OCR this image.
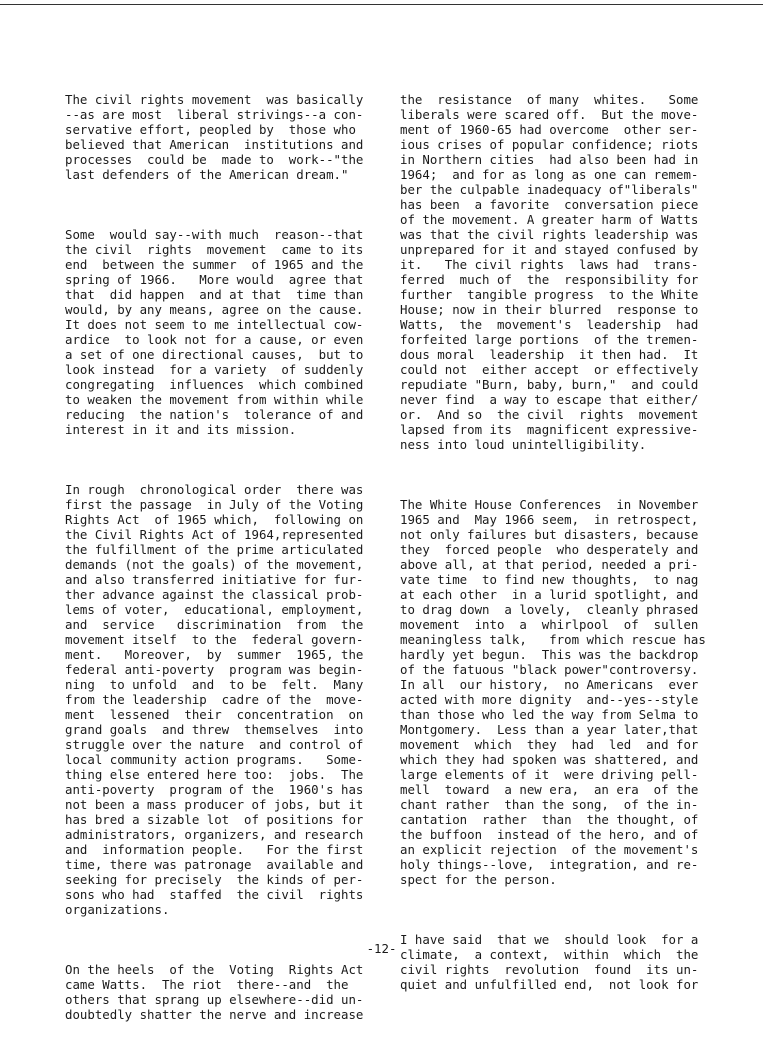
The civil rights movement  was basically
--as are most  liberal strivings--a con-
servative effort, peopled by  those who
believed that American  institutions and
processes  could be  made to  work--"the
last defenders of the American dream."

Some  would say--with much  reason--that
the civil  rights  movement  came to its
end  between the summer  of 1965 and the
spring of 1966.   More would  agree that
that  did happen  and at that  time than
would, by any means, agree on the cause.
It does not seem to me intellectual cow-
ardice  to look not for a cause, or even
a set of one directional causes,  but to
look instead  for a variety  of suddenly
congregating  influences  which combined
to weaken the movement from within while
reducing  the nation's  tolerance of and
interest in it and its mission.

In rough  chronological order  there was
first the passage  in July of the Voting
Rights Act  of 1965 which,  following on
the Civil Rights Act of 1964,represented
the fulfillment of the prime articulated
demands (not the goals) of the movement,
and also transferred initiative for fur-
ther advance against the classical prob-
lems of voter,  educational, employment,
and  service   discrimination  from  the
movement itself  to the  federal govern-
ment.   Moreover,  by  summer  1965, the
federal anti-poverty  program was begin-
ning  to unfold  and  to be  felt.  Many
from the leadership  cadre of the  move-
ment  lessened  their  concentration  on
grand goals  and threw  themselves  into
struggle over the nature  and control of
local community action programs.   Some-
thing else entered here too:  jobs.  The
anti-poverty  program of the  1960's has
not been a mass producer of jobs, but it
has bred a sizable lot  of positions for
administrators, organizers, and research
and  information people.   For the first
time, there was patronage  available and
seeking for precisely  the kinds of per-
sons who had  staffed  the civil  rights
organizations.

On the heels  of the  Voting  Rights Act
came Watts.  The riot  there--and  the
others that sprang up elsewhere--did un-
doubtedly shatter the nerve and increase

the  resistance  of many  whites.   Some
liberals were scared off.  But the move-
ment of 1960-65 had overcome  other ser-
ious crises of popular confidence; riots
in Northern cities  had also been had in
1964;  and for as long as one can remem-
ber the culpable inadequacy of"liberals"
has been  a favorite  conversation piece
of the movement. A greater harm of Watts
was that the civil rights leadership was
unprepared for it and stayed confused by
it.   The civil rights  laws had  trans-
ferred  much of  the  responsibility for
further  tangible progress  to the White
House; now in their blurred  response to
Watts,  the  movement's  leadership  had
forfeited large portions  of the tremen-
dous moral  leadership  it then had.  It
could not  either accept  or effectively
repudiate "Burn, baby, burn,"  and could
never find  a way to escape that either/
or.  And so  the civil  rights  movement
lapsed from its  magnificent expressive-
ness into loud unintelligibility.

The White House Conferences  in November
1965 and  May 1966 seem,  in retrospect,
not only failures but disasters, because
they  forced people  who desperately and
above all, at that period, needed a pri-
vate time  to find new thoughts,  to nag
at each other  in a lurid spotlight, and
to drag down  a lovely,  cleanly phrased
movement  into  a  whirlpool  of  sullen
meaningless talk,   from which rescue has
hardly yet begun.  This was the backdrop
of the fatuous "black power"controversy.
In all  our history,  no Americans  ever
acted with more dignity  and--yes--style
than those who led the way from Selma to
Montgomery.  Less than a year later,that
movement  which  they  had  led  and for
which they had spoken was shattered, and
large elements of it  were driving pell-
mell  toward  a new era,  an era  of the
chant rather  than the song,  of the in-
cantation  rather  than  the thought, of
the buffoon  instead of the hero, and of
an explicit rejection  of the movement's
holy things--love,  integration, and re-
spect for the person.

I have said  that we  should look  for a
climate,  a context,  within  which  the
civil rights  revolution  found  its un-
quiet and unfulfilled end,  not look for

-12-
